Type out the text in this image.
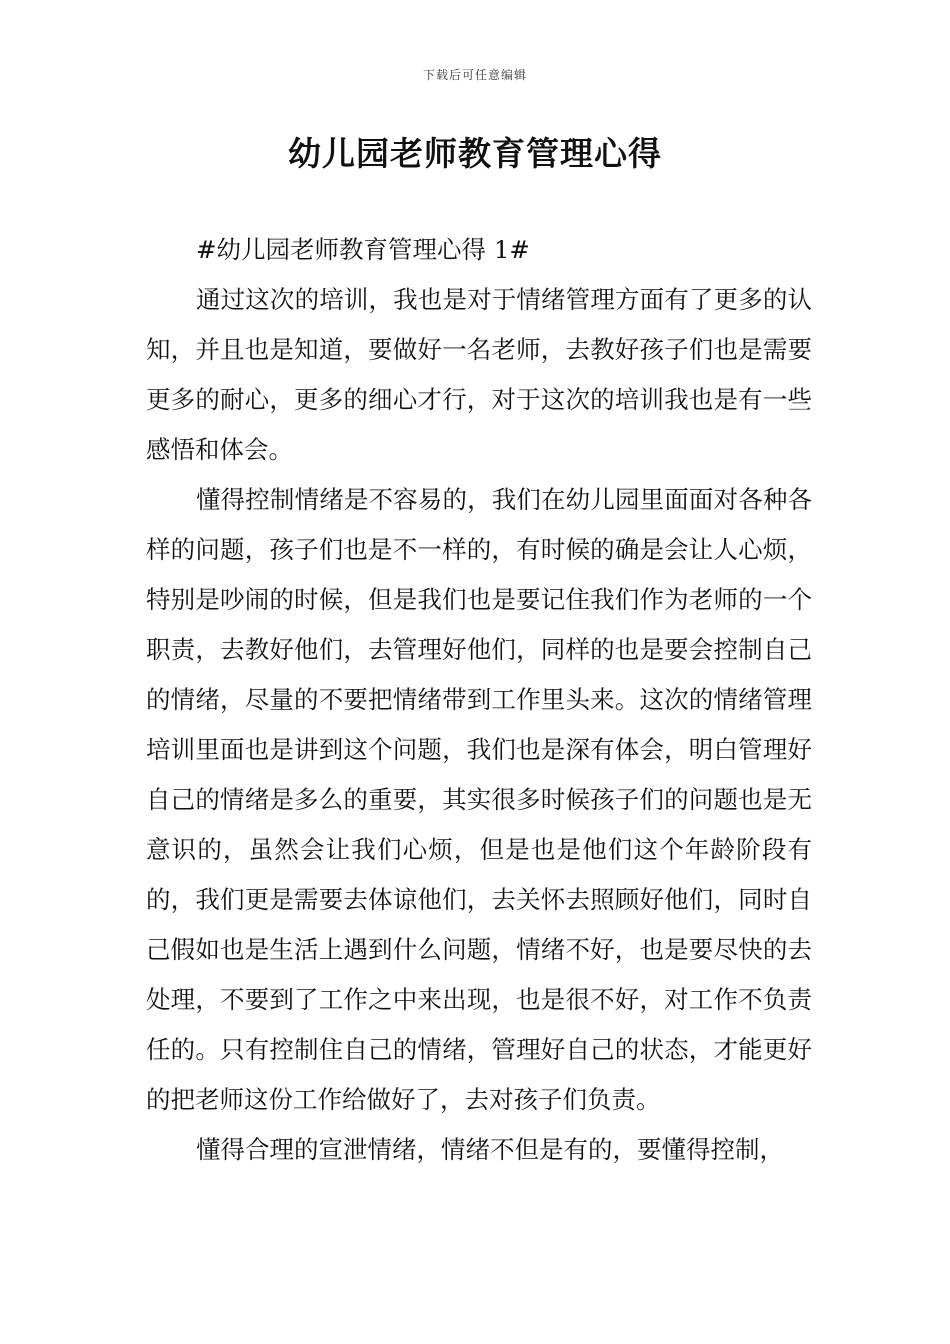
下载后可任意编辑
幼儿园老师教育管理心得

#幼儿园老师教育管理心得 1#

通过这次的培训，我也是对于情绪管理方面有了更多的认知，并且也是知道，要做好一名老师，去教好孩子们也是需要更多的耐心，更多的细心才行，对于这次的培训我也是有一些感悟和体会。

懂得控制情绪是不容易的，我们在幼儿园里面面对各种各样的问题，孩子们也是不一样的，有时候的确是会让人心烦，特别是吵闹的时候，但是我们也是要记住我们作为老师的一个职责，去教好他们，去管理好他们，同样的也是要会控制自己的情绪，尽量的不要把情绪带到工作里头来。这次的情绪管理培训里面也是讲到这个问题，我们也是深有体会，明白管理好自己的情绪是多么的重要，其实很多时候孩子们的问题也是无意识的，虽然会让我们心烦，但是也是他们这个年龄阶段有的，我们更是需要去体谅他们，去关怀去照顾好他们，同时自己假如也是生活上遇到什么问题，情绪不好，也是要尽快的去处理，不要到了工作之中来出现，也是很不好，对工作不负责任的。只有控制住自己的情绪，管理好自己的状态，才能更好的把老师这份工作给做好了，去对孩子们负责。

懂得合理的宣泄情绪，情绪不但是有的，要懂得控制，
